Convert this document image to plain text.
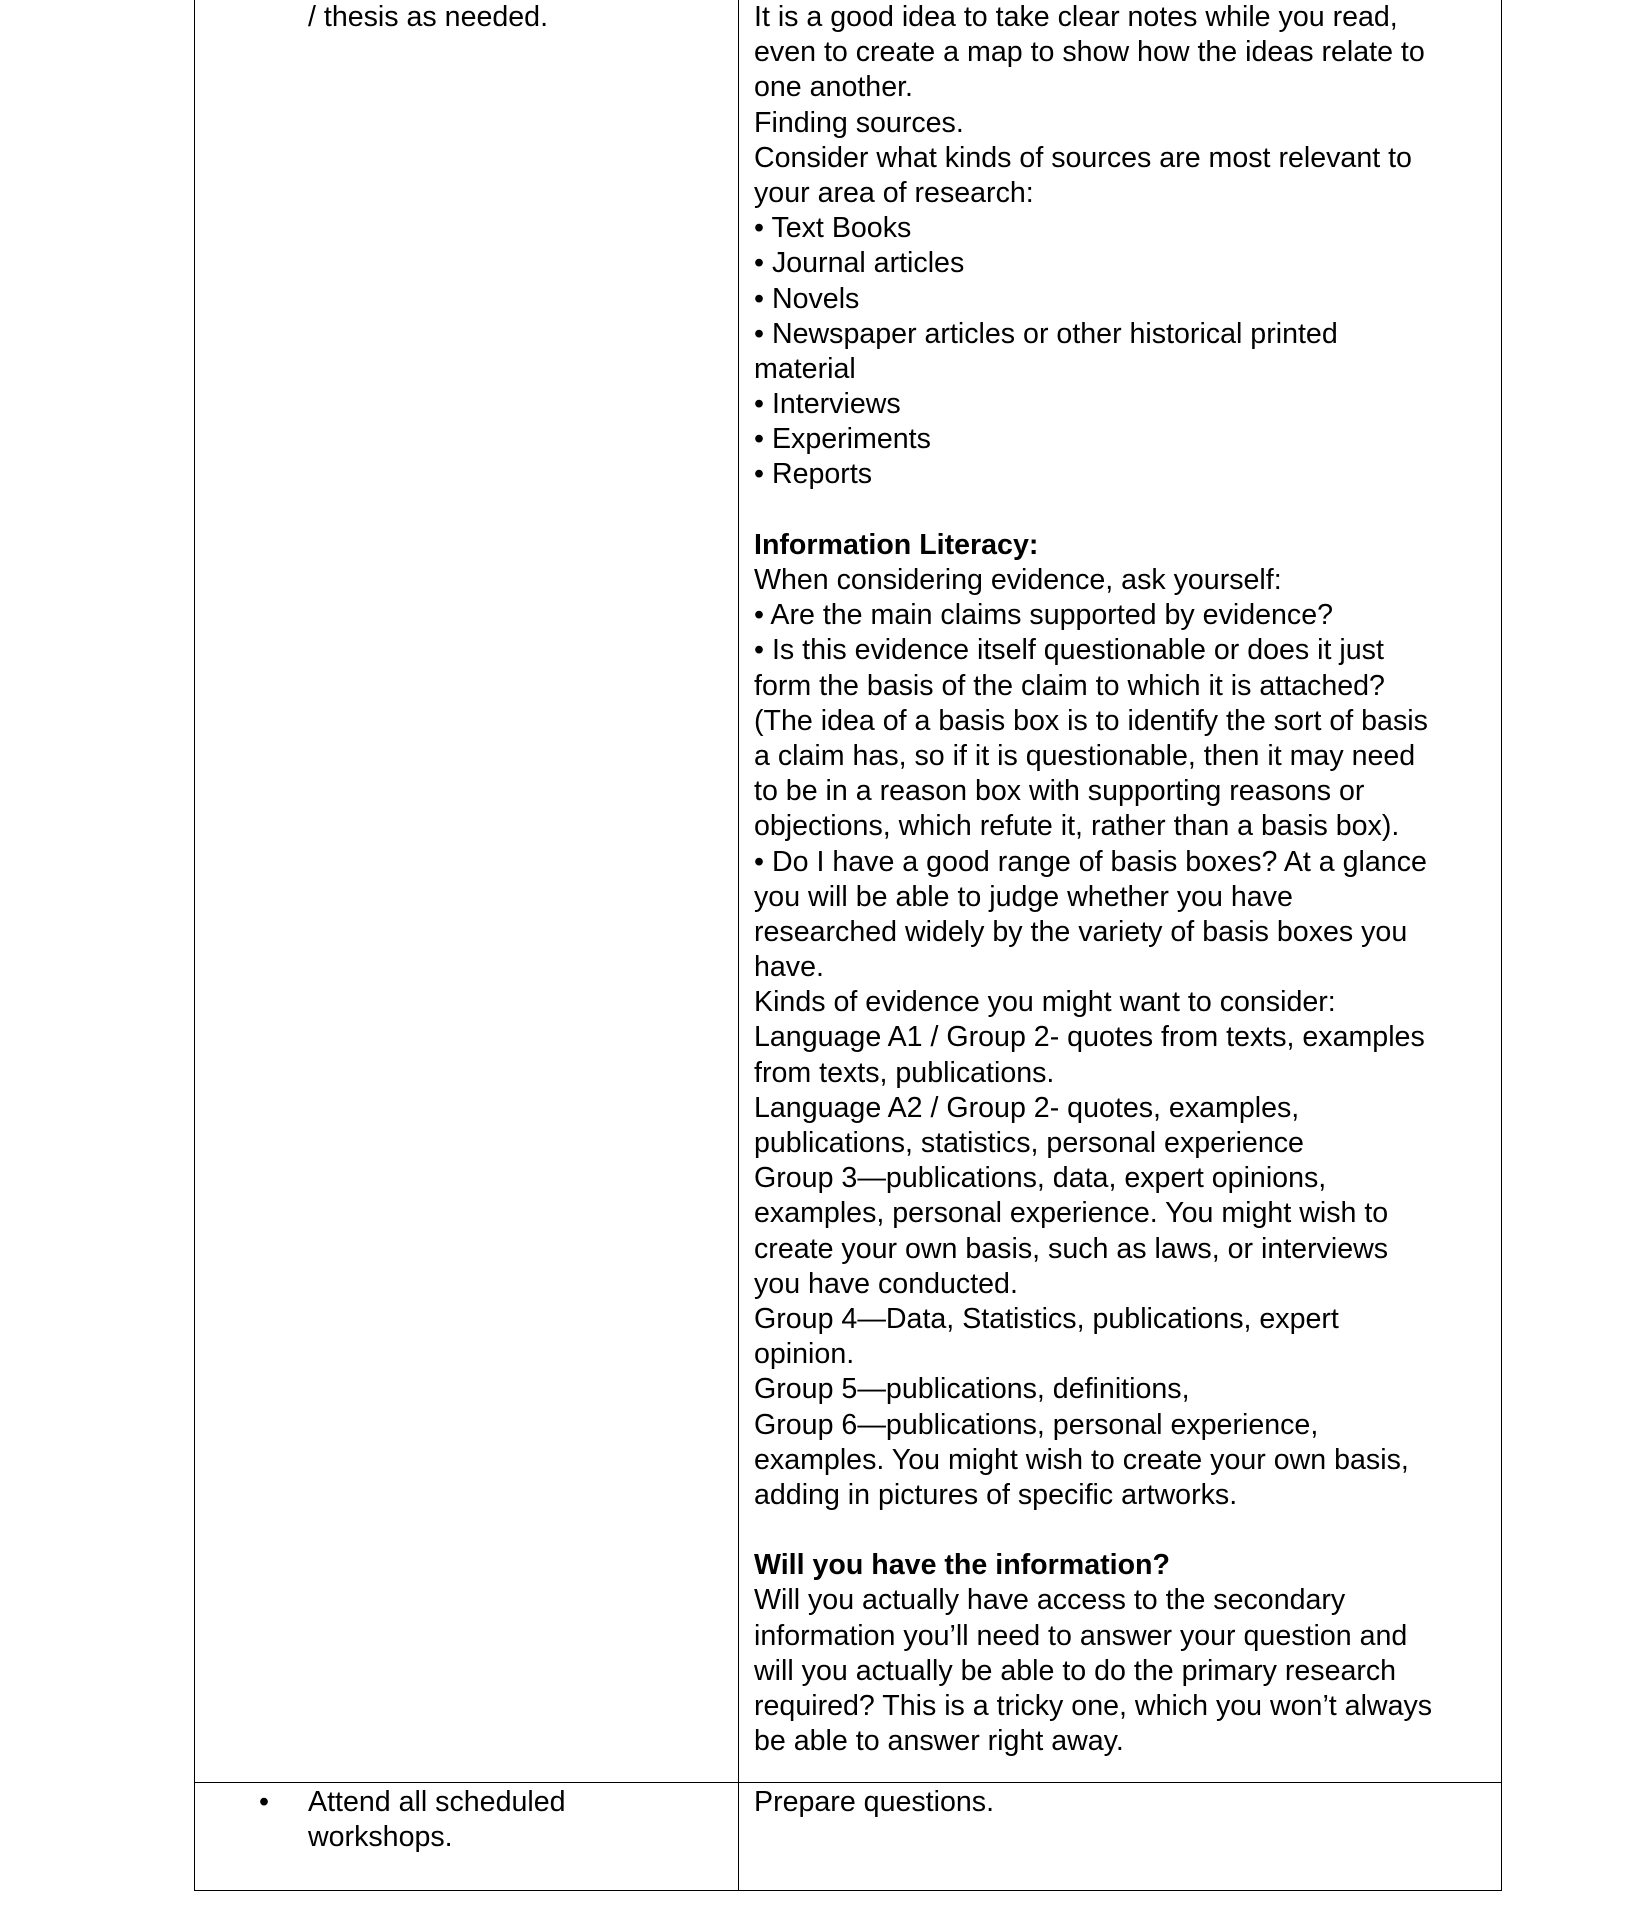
/ thesis as needed.	It is a good idea to take clear notes while you read,
even to create a map to show how the ideas relate to
one another.
Finding sources.
Consider what kinds of sources are most relevant to
your area of research:
• Text Books
• Journal articles
• Novels
• Newspaper articles or other historical printed
material
• Interviews
• Experiments
• Reports
Information Literacy:
When considering evidence, ask yourself:
• Are the main claims supported by evidence?
• Is this evidence itself questionable or does it just
form the basis of the claim to which it is attached?
(The idea of a basis box is to identify the sort of basis
a claim has, so if it is questionable, then it may need
to be in a reason box with supporting reasons or
objections, which refute it, rather than a basis box).
• Do I have a good range of basis boxes? At a glance
you will be able to judge whether you have
researched widely by the variety of basis boxes you
have.
Kinds of evidence you might want to consider:
Language A1 / Group 2- quotes from texts, examples
from texts, publications.
Language A2 / Group 2- quotes, examples,
publications, statistics, personal experience
Group 3—publications, data, expert opinions,
examples, personal experience. You might wish to
create your own basis, such as laws, or interviews
you have conducted.
Group 4—Data, Statistics, publications, expert
opinion.
Group 5—publications, definitions,
Group 6—publications, personal experience,
examples. You might wish to create your own basis,
adding in pictures of specific artworks.
Will you have the information?
Will you actually have access to the secondary
information you’ll need to answer your question and
will you actually be able to do the primary research
required? This is a tricky one, which you won’t always
be able to answer right away.
• Attend all scheduled
workshops.
Prepare questions.
